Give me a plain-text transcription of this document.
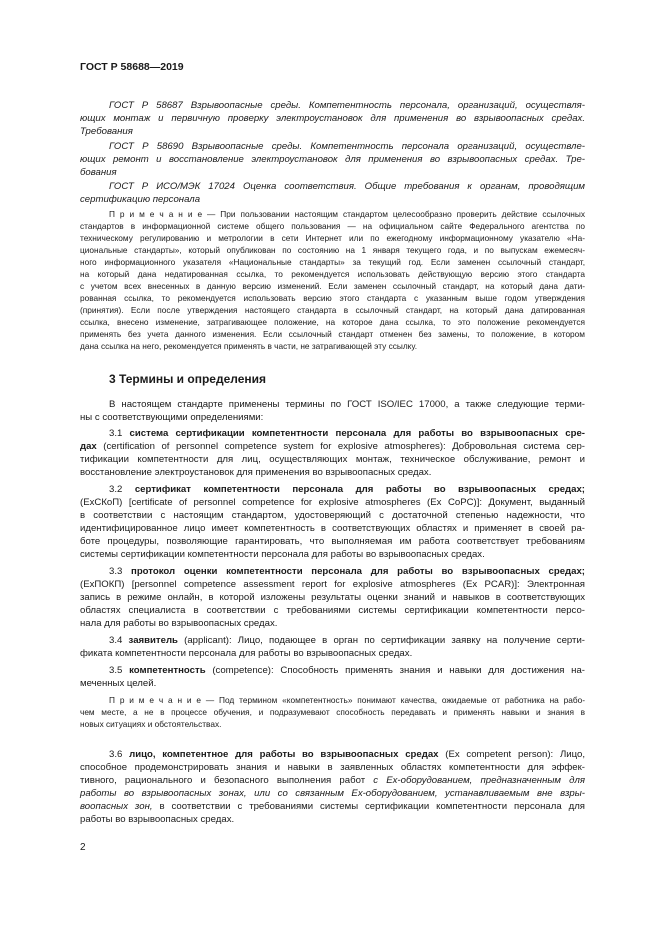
ГОСТ Р 58688—2019
ГОСТ Р 58687 Взрывоопасные среды. Компетентность персонала, организаций, осуществля-
ющих монтаж и первичную проверку электроустановок для применения во взрывоопасных средах.
Требования
ГОСТ Р 58690 Взрывоопасные среды. Компетентность персонала организаций, осуществле-
ющих ремонт и восстановление электроустановок для применения во взрывоопасных средах. Тре-
бования
ГОСТ Р ИСО/МЭК 17024 Оценка соответствия. Общие требования к органам, проводящим
сертификацию персонала
П р и м е ч а н и е — При пользовании настоящим стандартом целесообразно проверить действие ссылочных
стандартов в информационной системе общего пользования — на официальном сайте Федерального агентства по
техническому регулированию и метрологии в сети Интернет или по ежегодному информационному указателю «На-
циональные стандарты», который опубликован по состоянию на 1 января текущего года, и по выпускам ежемесяч-
ного информационного указателя «Национальные стандарты» за текущий год. Если заменен ссылочный стандарт,
на который дана недатированная ссылка, то рекомендуется использовать действующую версию этого стандарта
с учетом всех внесенных в данную версию изменений. Если заменен ссылочный стандарт, на который дана дати-
рованная ссылка, то рекомендуется использовать версию этого стандарта с указанным выше годом утверждения
(принятия). Если после утверждения настоящего стандарта в ссылочный стандарт, на который дана датированная
ссылка, внесено изменение, затрагивающее положение, на которое дана ссылка, то это положение рекомендуется
применять без учета данного изменения. Если ссылочный стандарт отменен без замены, то положение, в котором
дана ссылка на него, рекомендуется применять в части, не затрагивающей эту ссылку.
3 Термины и определения
В настоящем стандарте применены термины по ГОСТ ISO/IEC 17000, а также следующие терми-
ны с соответствующими определениями:
3.1 система сертификации компетентности персонала для работы во взрывоопасных сре-
дах (certification of personnel competence system for explosive atmospheres): Добровольная система сер-
тификации компетентности для лиц, осуществляющих монтаж, техническое обслуживание, ремонт и
восстановление электроустановок для применения во взрывоопасных средах.
3.2 сертификат компетентности персонала для работы во взрывоопасных средах;
(ExСКоП) [certificate of personnel competence for explosive atmospheres (Ex CoPC)]: Документ, выданный
в соответствии с настоящим стандартом, удостоверяющий с достаточной степенью надежности, что
идентифицированное лицо имеет компетентность в соответствующих областях и применяет в своей ра-
боте процедуры, позволяющие гарантировать, что выполняемая им работа соответствует требованиям
системы сертификации компетентности персонала для работы во взрывоопасных средах.
3.3 протокол оценки компетентности персонала для работы во взрывоопасных средах;
(ExПОКП) [personnel competence assessment report for explosive atmospheres (Ex PCAR)]: Электронная
запись в режиме онлайн, в которой изложены результаты оценки знаний и навыков в соответствующих
областях специалиста в соответствии с требованиями системы сертификации компетентности персо-
нала для работы во взрывоопасных средах.
3.4 заявитель (applicant): Лицо, подающее в орган по сертификации заявку на получение серти-
фиката компетентности персонала для работы во взрывоопасных средах.
3.5 компетентность (competence): Способность применять знания и навыки для достижения на-
меченных целей.
П р и м е ч а н и е — Под термином «компетентность» понимают качества, ожидаемые от работника на рабо-
чем месте, а не в процессе обучения, и подразумевают способность передавать и применять навыки и знания в
новых ситуациях и обстоятельствах.
3.6 лицо, компетентное для работы во взрывоопасных средах (Ex competent person): Лицо,
способное продемонстрировать знания и навыки в заявленных областях компетентности для эффек-
тивного, рационального и безопасного выполнения работ с Ex-оборудованием, предназначенным для
работы во взрывоопасных зонах, или со связанным Ex-оборудованием, устанавливаемым вне взры-
воопасных зон, в соответствии с требованиями системы сертификации компетентности персонала для
работы во взрывоопасных средах.
2
